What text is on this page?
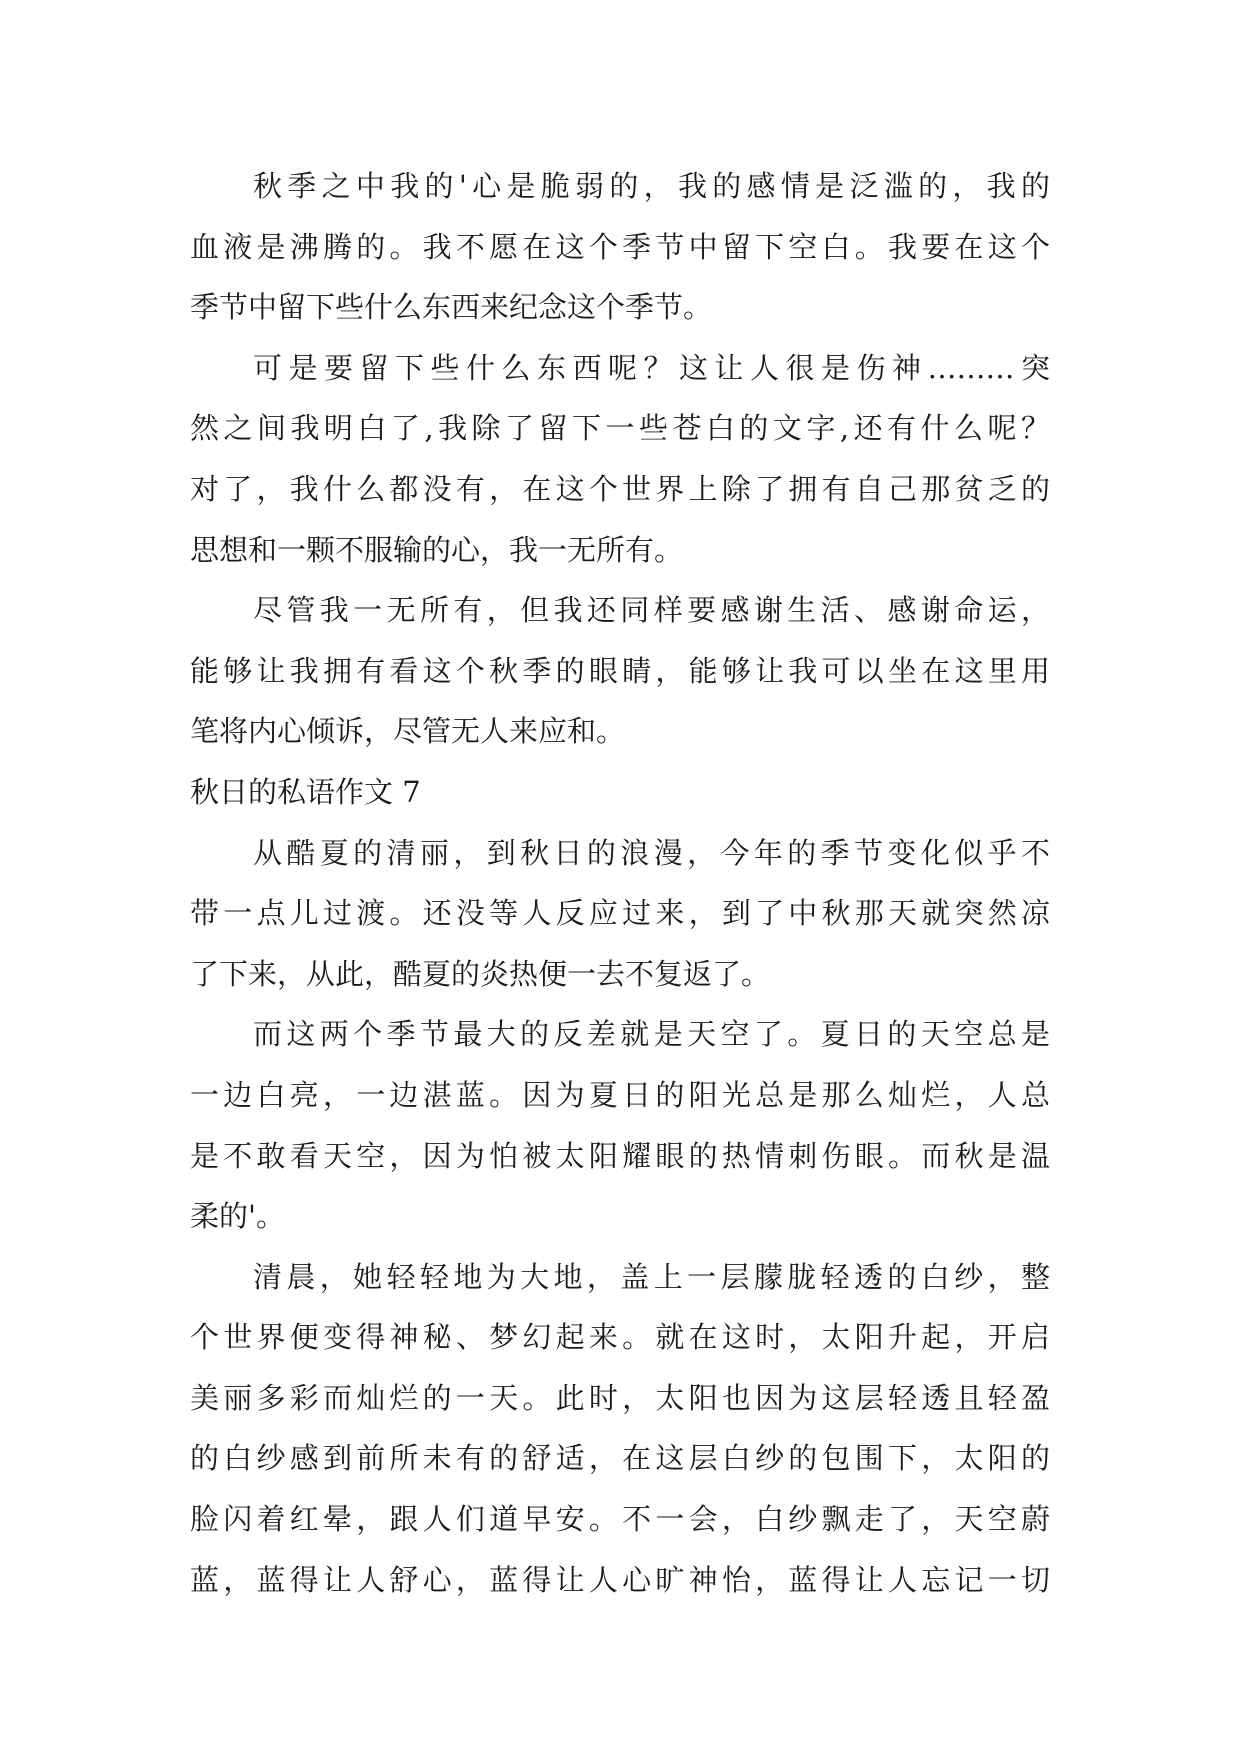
秋季之中我的'心是脆弱的，我的感情是泛滥的，我的
血液是沸腾的。我不愿在这个季节中留下空白。我要在这个
季节中留下些什么东西来纪念这个季节。
可是要留下些什么东西呢？这让人很是伤神………突
然之间我明白了,我除了留下一些苍白的文字,还有什么呢？
对了，我什么都没有，在这个世界上除了拥有自己那贫乏的
思想和一颗不服输的心，我一无所有。
尽管我一无所有，但我还同样要感谢生活、感谢命运，
能够让我拥有看这个秋季的眼睛，能够让我可以坐在这里用
笔将内心倾诉，尽管无人来应和。
秋日的私语作文 7
从酷夏的清丽，到秋日的浪漫，今年的季节变化似乎不
带一点儿过渡。还没等人反应过来，到了中秋那天就突然凉
了下来，从此，酷夏的炎热便一去不复返了。
而这两个季节最大的反差就是天空了。夏日的天空总是
一边白亮，一边湛蓝。因为夏日的阳光总是那么灿烂，人总
是不敢看天空，因为怕被太阳耀眼的热情刺伤眼。而秋是温
柔的'。
清晨，她轻轻地为大地，盖上一层朦胧轻透的白纱，整
个世界便变得神秘、梦幻起来。就在这时，太阳升起，开启
美丽多彩而灿烂的一天。此时，太阳也因为这层轻透且轻盈
的白纱感到前所未有的舒适，在这层白纱的包围下，太阳的
脸闪着红晕，跟人们道早安。不一会，白纱飘走了，天空蔚
蓝，蓝得让人舒心，蓝得让人心旷神怡，蓝得让人忘记一切
